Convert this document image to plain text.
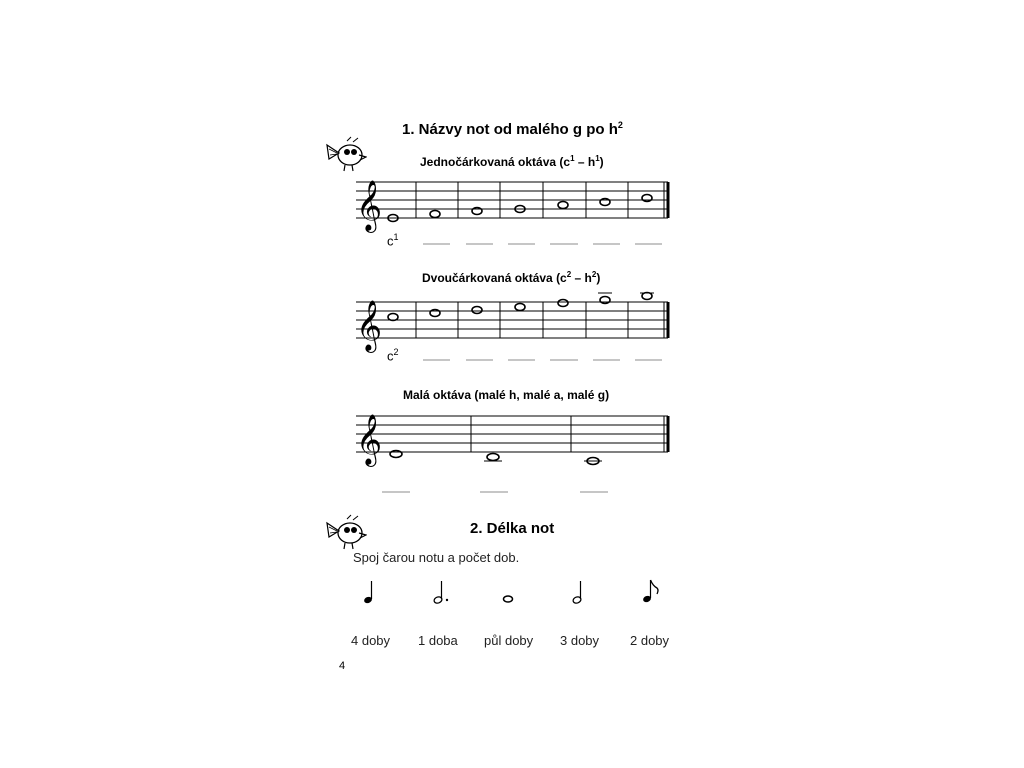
1. Názvy not od malého g po $h^2$
Jednočárkovaná oktáva $(c^1 - h^1)$
𝄞
$c^1$
Dvoučárkovaná oktáva $(c^2 - h^2)$
𝄞
$c^2$
Malá oktáva (malé h, malé a, malé g)
𝄞
2. Délka not
Spoj čarou notu a počet dob.
4 doby 1 doba půl doby 3 doby 2 doby
4
